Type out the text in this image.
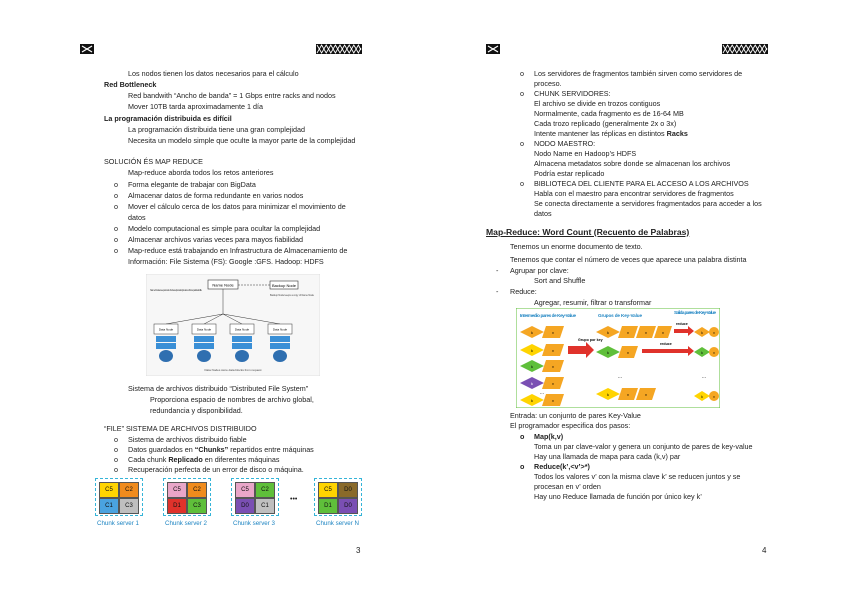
Los nodos tienen los datos necesarios para el cálculo
Red Bottleneck
Red bandwith “Ancho de banda” = 1 Gbps entre racks and nodos
Mover 10TB tarda aproximadamente 1 día
La programación distribuida es difícil
La programación distribuida tiene una gran complejidad
Necesita un modelo simple que oculte la mayor parte de la complejidad
SOLUCIÓN ÉS MAP REDUCE
Map-reduce aborda todos los retos anteriores
o Forma elegante de trabajar con BigData
o Almacenar datos de forma redundante en varios nodos
o Mover el cálculo cerca de los datos para minimizar el movimiento de
datos
o Modelo computacional es simple para ocultar la complejidad
o Almacenar archivos varias veces para mayos fiabilidad
o Map-reduce está trabajando en Infrastructura de Almacenamiento de
Información: File Sistema (FS): Google :GFS. Hadoop: HDFS
Name Node	Backup Node
Name Node keeps track of where (location) is stored for a particular file
Backup Node keeps a copy of Name Node
Data Node	Data Node	Data Node	Data Node
Data Nodes store data blocks from request
Sistema de archivos distribuido “Distributed File System”
Proporciona espacio de nombres de archivo global,
redundancia y disponibilidad.
“FILE” SISTEMA DE ARCHIVOS DISTRIBUIDO
o Sistema de archivos distribuido fiable
o Datos guardados en “Chunks” repartidos entre máquinas
o Cada chunk Replicado en diferentes máquinas
o Recuperación perfecta de un error de disco o máquina.
C5	C2
C1	C3
Chunk server 1
C5	C2
D1	C3
Chunk server 2
C5	C2
D0	C1
Chunk server 3
•••
C5	D0
D1	D0
Chunk server N
3
o Los servidores de fragmentos también sirven como servidores de
proceso.
o CHUNK SERVIDORES:
El archivo se divide en trozos contiguos
Normalmente, cada fragmento es de 16-64 MB
Cada trozo replicado (generalmente 2x o 3x)
Intente mantener las réplicas en distintos Racks
o NODO MAESTRO:
Nodo Name en Hadoop’s HDFS
Almacena metadatos sobre donde se almacenan los archivos
Podría estar replicado
o BIBLIOTECA DEL CLIENTE PARA EL ACCESO A LOS ARCHIVOS
Habla con el maestro para encontrar servidores de fragmentos
Se conecta directamente a servidores fragmentados para acceder a los
datos
Map-Reduce: Word Count (Recuento de Palabras)
Tenemos un enorme documento de texto.
Tenemos que contar el número de veces que aparece una palabra distinta
- Agrupar por clave:
Sort and Shuffle
- Reduce:
Agregar, resumir, filtrar o transformar
Intermedio pares de Key-Value	Grupos de Key-Value
Salida pares de Key-Value
k	v
k	v
k	v
k	v
...
k	v
Grupo por key
k	v	v	v
k	v
...
k	v	v
reduce
reduce
k	v
k	v
...
k	v
Entrada: un conjunto de pares Key-Value
El programador especifica dos pasos:
o Map(k,v)
Toma un par clave-valor y genera un conjunto de pares de key-value
Hay una llamada de mapa para cada (k,v) par
o Reduce(k’,<v’>*)
Todos los valores v’ con la misma clave k’ se reducen juntos y se
procesan en v’ orden
Hay uno Reduce llamada de función por único key k’
4
